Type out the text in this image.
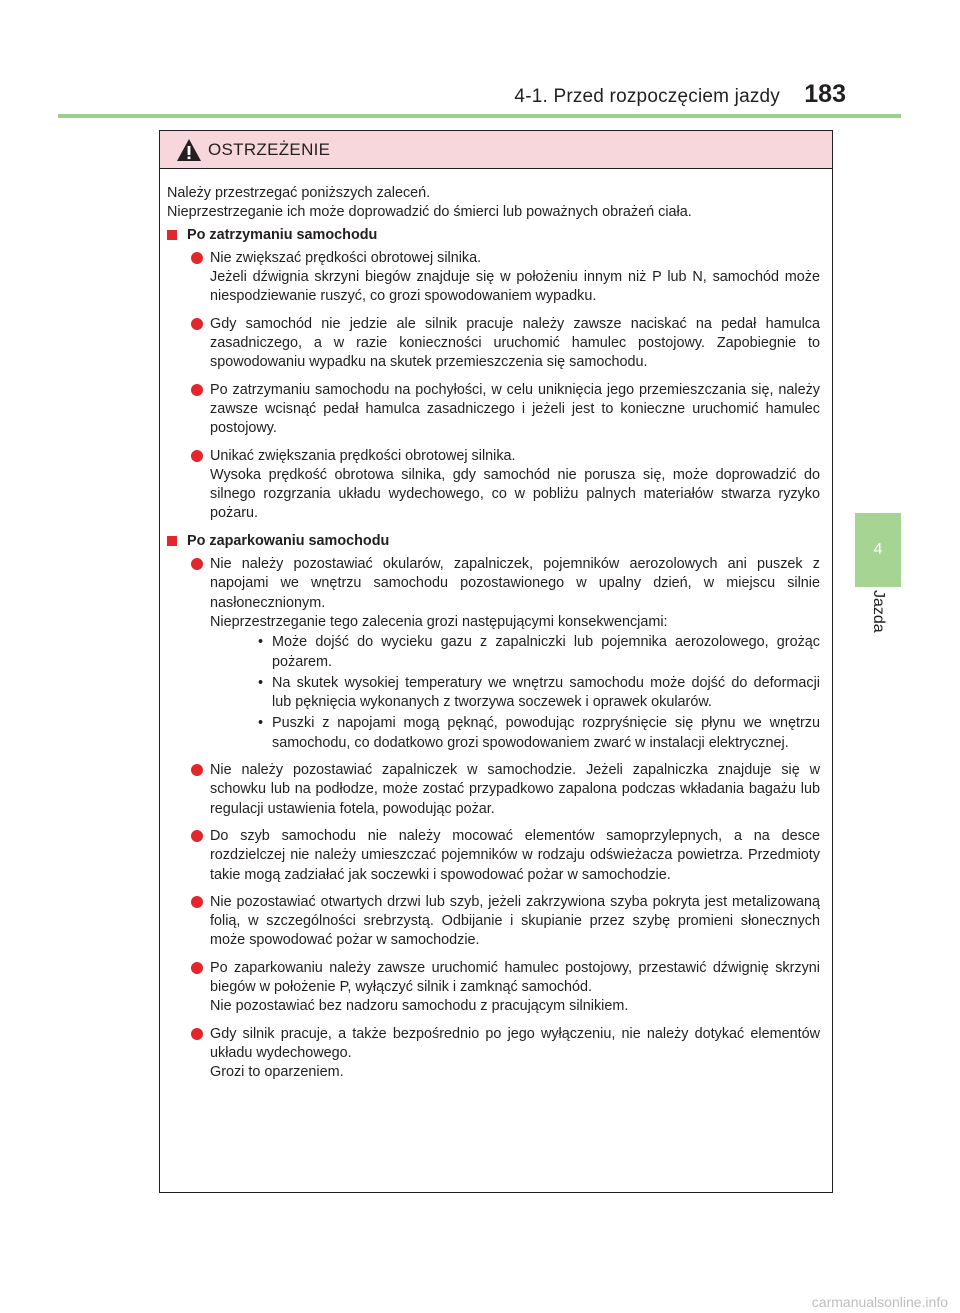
4-1. Przed rozpoczęciem jazdy 183
4
Jazda
OSTRZEŻENIE

Należy przestrzegać poniższych zaleceń.

Nieprzestrzeganie ich może doprowadzić do śmierci lub poważnych obrażeń ciała.

Po zatrzymaniu samochodu

Nie zwiększać prędkości obrotowej silnika.

Jeżeli dźwignia skrzyni biegów znajduje się w położeniu innym niż P lub N, samochód może niespodziewanie ruszyć, co grozi spowodowaniem wypadku.

Gdy samochód nie jedzie ale silnik pracuje należy zawsze naciskać na pedał hamulca zasadniczego, a w razie konieczności uruchomić hamulec postojowy. Zapobiegnie to spowodowaniu wypadku na skutek przemieszczenia się samochodu.

Po zatrzymaniu samochodu na pochyłości, w celu uniknięcia jego przemieszczania się, należy zawsze wcisnąć pedał hamulca zasadniczego i jeżeli jest to konieczne uruchomić hamulec postojowy.

Unikać zwiększania prędkości obrotowej silnika.

Wysoka prędkość obrotowa silnika, gdy samochód nie porusza się, może doprowadzić do silnego rozgrzania układu wydechowego, co w pobliżu palnych materiałów stwarza ryzyko pożaru.

Po zaparkowaniu samochodu

Nie należy pozostawiać okularów, zapalniczek, pojemników aerozolowych ani puszek z napojami we wnętrzu samochodu pozostawionego w upalny dzień, w miejscu silnie nasłonecznionym.

Nieprzestrzeganie tego zalecenia grozi następującymi konsekwencjami:

• Może dojść do wycieku gazu z zapalniczki lub pojemnika aerozolowego, grożąc pożarem.
• Na skutek wysokiej temperatury we wnętrzu samochodu może dojść do deformacji lub pęknięcia wykonanych z tworzywa soczewek i oprawek okularów.
• Puszki z napojami mogą pęknąć, powodując rozpryśnięcie się płynu we wnętrzu samochodu, co dodatkowo grozi spowodowaniem zwarć w instalacji elektrycznej.

Nie należy pozostawiać zapalniczek w samochodzie. Jeżeli zapalniczka znajduje się w schowku lub na podłodze, może zostać przypadkowo zapalona podczas wkładania bagażu lub regulacji ustawienia fotela, powodując pożar.

Do szyb samochodu nie należy mocować elementów samoprzylepnych, a na desce rozdzielczej nie należy umieszczać pojemników w rodzaju odświeżacza powietrza. Przedmioty takie mogą zadziałać jak soczewki i spowodować pożar w samochodzie.

Nie pozostawiać otwartych drzwi lub szyb, jeżeli zakrzywiona szyba pokryta jest metalizowaną folią, w szczególności srebrzystą. Odbijanie i skupianie przez szybę promieni słonecznych może spowodować pożar w samochodzie.

Po zaparkowaniu należy zawsze uruchomić hamulec postojowy, przestawić dźwignię skrzyni biegów w położenie P, wyłączyć silnik i zamknąć samochód.

Nie pozostawiać bez nadzoru samochodu z pracującym silnikiem.

Gdy silnik pracuje, a także bezpośrednio po jego wyłączeniu, nie należy dotykać elementów układu wydechowego.

Grozi to oparzeniem.

carmanualsonline.info
